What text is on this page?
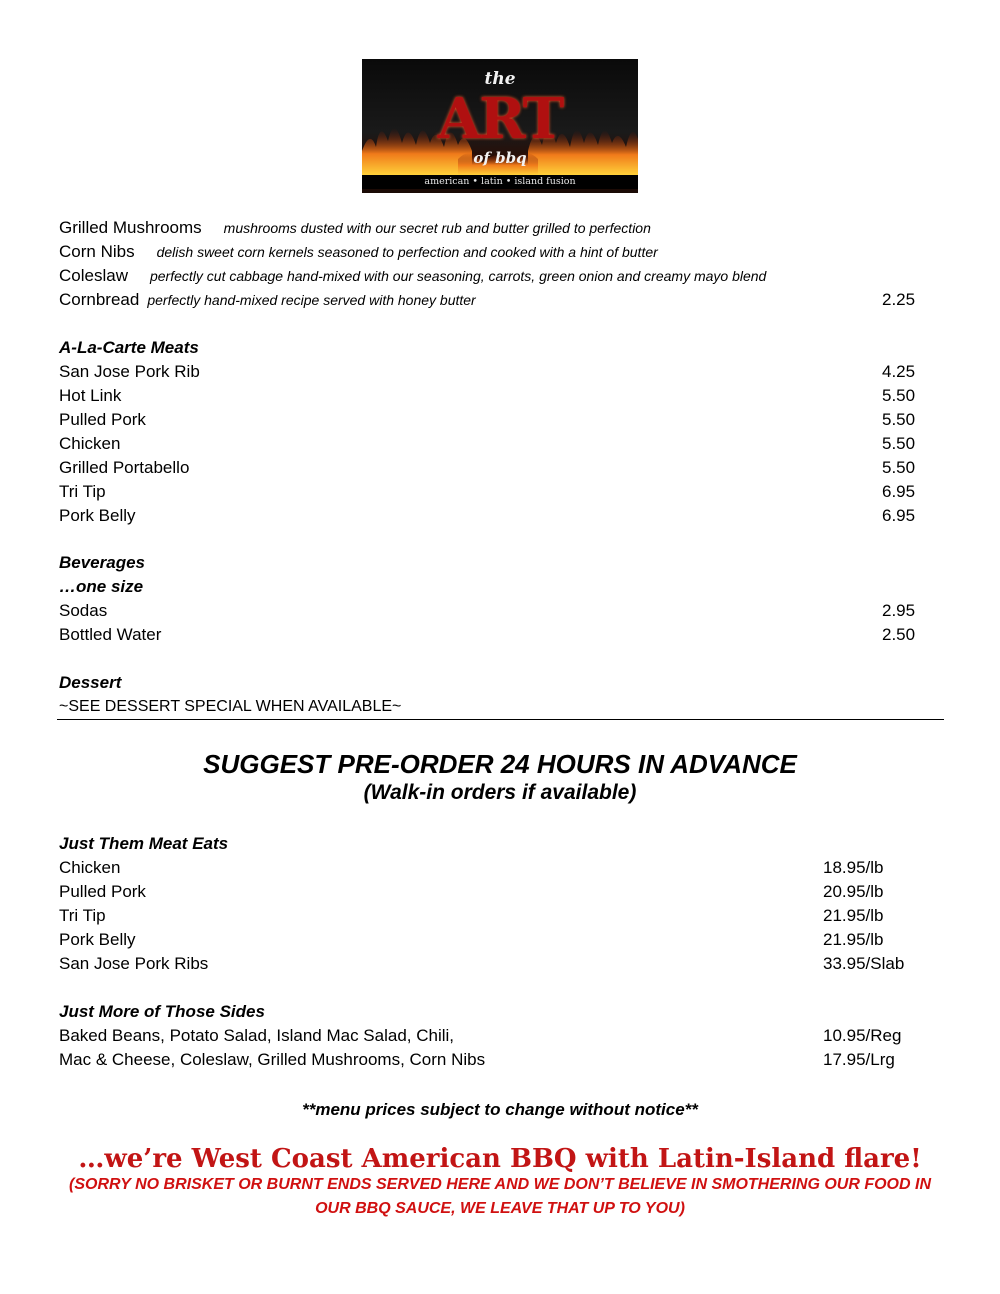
the
ART
of bbq
american • latin • island fusion
Grilled Mushrooms mushrooms dusted with our secret rub and butter grilled to perfection
Corn Nibs delish sweet corn kernels seasoned to perfection and cooked with a hint of butter
Coleslaw perfectly cut cabbage hand-mixed with our seasoning, carrots, green onion and creamy mayo blend
Cornbread perfectly hand-mixed recipe served with honey butter	2.25
A-La-Carte Meats
San Jose Pork Rib	4.25
Hot Link	5.50
Pulled Pork	5.50
Chicken	5.50
Grilled Portabello	5.50
Tri Tip	6.95
Pork Belly	6.95
Beverages
…one size
Sodas	2.95
Bottled Water	2.50
Dessert
~SEE DESSERT SPECIAL WHEN AVAILABLE~
SUGGEST PRE-ORDER 24 HOURS IN ADVANCE
(Walk-in orders if available)
Just Them Meat Eats
Chicken	18.95/lb
Pulled Pork	20.95/lb
Tri Tip	21.95/lb
Pork Belly	21.95/lb
San Jose Pork Ribs	33.95/Slab
Just More of Those Sides
Baked Beans, Potato Salad, Island Mac Salad, Chili,	10.95/Reg
Mac & Cheese, Coleslaw, Grilled Mushrooms, Corn Nibs	17.95/Lrg
**menu prices subject to change without notice**
…we’re West Coast American BBQ with Latin-Island flare!
(SORRY NO BRISKET OR BURNT ENDS SERVED HERE AND WE DON’T BELIEVE IN SMOTHERING OUR FOOD IN
OUR BBQ SAUCE, WE LEAVE THAT UP TO YOU)
